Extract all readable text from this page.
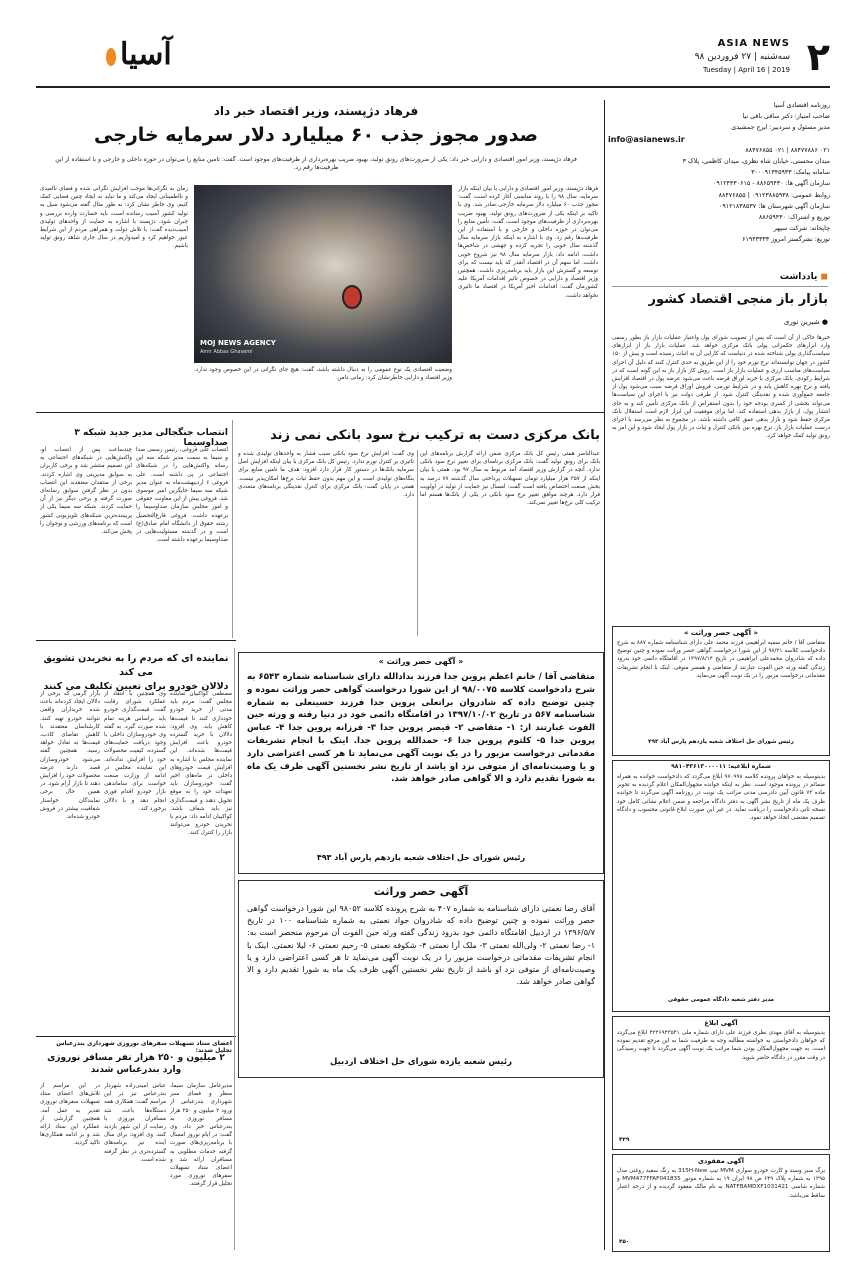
۲
ASIA NEWS
سه‌شنبه | ۲۷ فروردین ۹۸
Tuesday | April 16 | 2019
آسیا
فرهاد دژپسند، وزیر اقتصاد خبر داد
صدور مجوز جذب ۶۰ میلیارد دلار سرمایه خارجی
فرهاد دژپسند، وزیر امور اقتصادی و دارایی خبر داد: یکی از ضرورت‌های رونق تولید، بهبود ضریب بهره‌برداری از ظرفیت‌های موجود است. گفت: تأمین منابع را می‌توان در حوزه داخلی و خارجی و با استفاده از این ظرفیت‌ها رقم زد.
فرهاد دژپسند، وزیر امور اقتصادی و دارایی با بیان اینکه بازار سرمایه، سال ۹۸ را با روند مناسبی آغاز کرده است، گفت: مجوز جذب ۶۰ میلیارد دلار سرمایه خارجی صادر شد. وی با تاکید بر اینکه یکی از ضرورت‌های رونق تولید، بهبود ضریب بهره‌برداری از ظرفیت‌های موجود است، گفت: تأمین منابع را می‌توان در حوزه داخلی و خارجی و با استفاده از این ظرفیت‌ها رقم زد. وی با اشاره به اینکه بازار سرمایه سال گذشته سال خوبی را تجربه کرده و جهشی در شاخص‌ها داشت، ادامه داد: بازار سرمایه سال ۹۸ نیز شروع خوبی داشت. اما سهم آن در اقتصاد آنقدر که باید نیست که برای توسعه و گسترش این بازار باید برنامه‌ریزی داشت. همچنین وزیر اقتصاد و دارایی در خصوص تاثیر اقدامات آمریکا علیه کشورمان گفت: اقدامات اخیر آمریکا در اقتصاد ما تاثیری نخواهد داشت.
MOJ NEWS AGENCY
Amir Abbas Ghasemi
وضعیت اقتصادی یک نوع عمومی را به دنبال داشته باشد، گفت: هیچ جای نگرانی در این خصوص وجود ندارد. وزیر اقتصاد و دارایی خاطرنشان کرد: زمانی دامن
زمان به نگرانی‌ها موجب افزایش نگرانی شده و فضای ناامیدی و نااطمینانی ایجاد می‌کند و ما نباید به ایجاد چنین فضایی کمک کنیم. وی خاطر نشان کرد: به طور مثال گفته می‌شود سیل به تولید کشور آسیب رسانده است، باید خسارت وارده بررسی و جبران شود. دژپسند با اشاره به حمایت از واحدهای تولیدی آسیب‌دیده گفت: با تلاش دولت و همراهی مردم از این شرایط عبور خواهیم کرد و امیدواریم در سال جاری شاهد رونق تولید باشیم.
روزنامه اقتصادی آسیا
صاحب امتیاز: دکتر ساقی باقی نیا
مدیر مسئول و سردبیر: ایرج جمشیدی
info@asianews.ir
۰۲۱ ۸۸۴۷۷۸۸۶ | ۰۲۱ ۸۸۴۷۶۸۵۵
میدان محسنی، خیابان شاه نظری، میدان کاظمی، پلاک ۳
سامانه پیامک: ۳۰۰۰۹۱۳۴۵۹۳۳
سازمان آگهی ها: ۸۸۶۵۹۴۳۰ - ۰۹۱۲۴۴۳۰۶۱۵
روابط عمومی: ۰۹۱۲۳۸۸۵۹۳۸ | ۸۸۴۷۶۸۵۵
سازمان آگهی شهرستان ها: ۰۹۱۲۱۸۳۸۵۳۷
توزیع و اشتراک: ۸۸۶۵۹۴۳۰
چاپخانه: شرکت سپهر
توزیع: نشرگستر امروز ۶۱۹۴۳۳۳۳
◼ یادداشت
بازار باز منجی اقتصاد کشور
● شیرین نوری
خبرها حاکی از آن است که پس از تصویب شورای پول واعتبار عملیات بازار باز بطور رسمی وارد ابزارهای حکمرانی پولی بانک مرکزی خواهد شد. عملیات بازار باز از ابزارهای سیاست‌گذاری پولی شناخته شده در دنیاست که کارایی آن به اثبات رسیده است و بیش از ۱۵۰ کشور در جهان توانسته‌اند نرخ تورم خود را از این طریق به حدی کنترل کنند که دلیل آن اجرای سیاست‌های مناسب ارزی و عملیات بازار باز است. روش کار بازار باز به این گونه است که در شرایط رکودی، بانک مرکزی با خرید اوراق قرضه باعث می‌شود عرضه پول در اقتصاد افزایش یافته و نرخ بهره کاهش یابد و در شرایط تورمی، فروش اوراق قرضه سبب می‌شود پول از جامعه جمع‌آوری شده و نقدینگی کنترل شود. از طرفی دولت نیز با اجرای این سیاست‌ها می‌تواند بخشی از کسری بودجه خود را بدون استقراض از بانک مرکزی تأمین کند و به جای انتشار پول، از بازار بدهی استفاده کند. اما برای موفقیت این ابزار لازم است استقلال بانک مرکزی حفظ شود و بازار بدهی عمق کافی داشته باشد. در مجموع به نظر می‌رسد با اجرای درست عملیات بازار باز، نرخ بهره بین بانکی کنترل و ثبات در بازار پول ایجاد شود و این امر به رونق تولید کمک خواهد کرد.
بانک مرکزی دست به ترکیب نرخ سود بانکی نمی زند
عبدالناصر همتی رئیس کل بانک مرکزی ضمن ارائه گزارش برنامه‌های این بانک برای رونق تولید گفت: بانک مرکزی برنامه‌ای برای تغییر نرخ سود بانکی ندارد. آنچه در گزارش وزیر اقتصاد آمد مربوط به سال ۹۷ بود. همتی با بیان اینکه از ۳۵۷ هزار میلیارد تومان تسهیلات پرداختی سال گذشته ۷۷ درصد به بخش صنعت اختصاص یافته است گفت: امسال نیز حمایت از تولید در اولویت قرار دارد. هرچند موافق تغییر نرخ سود بانکی در یکی از بانک‌ها هستم اما ترکیب کلی نرخ‌ها تغییر نمی‌کند.
وی گفت: افزایش نرخ سود بانکی سبب فشار به واحدهای تولیدی شده و تاثیری بر کنترل تورم ندارد. رئیس کل بانک مرکزی با بیان اینکه افزایش اصل سرمایه بانک‌ها در دستور کار قرار دارد افزود: هدف ما تامین منابع برای بنگاه‌های تولیدی است و این مهم بدون حفظ ثبات نرخ‌ها امکان‌پذیر نیست. همتی در پایان گفت: بانک مرکزی برای کنترل نقدینگی برنامه‌های متعددی دارد.
انتصاب جنگجالی مدیر جدید شبکه ۳ صداوسیما
انتصاب علی فروغی، رئیس رسمی صدا و سیما به سمت مدیر شبکه سه این رسانه واکنش‌هایی را در شبکه‌های اجتماعی در پی داشته است. علی فروغی ۶ اردیبهشت‌ماه به عنوان مدیر شبکه سه سیما جایگزین امیر موسوی شد. فروغی پیش از این معاونت حقوقی و امور مجلس سازمان صداوسیما را برعهده داشت. فروغی فارغ‌التحصیل رشته حقوق از دانشگاه امام صادق(ع) است و در گذشته مسئولیت‌هایی در صداوسیما برعهده داشته است.
چندساعت پس از انتصاب او، واکنش‌هایی در شبکه‌های اجتماعی به این تصمیم منتشر شد و برخی کاربران به سوابق مدیریتی وی اشاره کردند. برخی از منتقدان معتقدند این انتصاب بدون در نظر گرفتن سوابق رسانه‌ای صورت گرفته و برخی دیگر نیز از آن حمایت کردند. شبکه سه سیما یکی از پربیننده‌ترین شبکه‌های تلویزیونی کشور است که برنامه‌های ورزشی و نوجوان را پخش می‌کند.
« آگهی حصر وراثت »
متقاضی آقا / خانم اعظم پروین جدا فرزند بدادالله دارای شناسنامه شماره ۶۵۴۳ به شرح دادخواست کلاسه ۹۸/۰۰۷۵ از این شورا درخواست گواهی حصر وراثت نموده و چنین توضیح داده که شادروان براتعلی پروین جدا فرزند حسینعلی به شماره شناسنامه ۵۶۷ در تاریخ ۱۳۹۷/۱۰/۰۲ در اقامتگاه دائمی خود در دنیا رفته و ورثه حین الفوت عبارتند از: ۱- متقاضی ۲- قیصر پروین جدا ۳- فرزانه پروین جدا ۴- عباس پروین جدا ۵- کلثوم پروین جدا ۶- حمدالله پروین جدا. اینک با انجام تشریفات مقدماتی درخواست مزبور را در یک نوبت آگهی می‌نماید تا هر کسی اعتراضی دارد و یا وصیت‌نامه‌ای از متوفی نزد او باشد از تاریخ نشر نخستین آگهی ظرف یک ماه به شورا تقدیم دارد و الا گواهی صادر خواهد شد.
رئیس شورای حل اختلاف شعبه یازدهم پارس آباد ۴۹۳
آگهی حصر وراثت
آقای رضا نعمتی دارای شناسنامه به شماره ۴۰۷ به شرح پرونده کلاسه ۹۸۰۵۲ این شورا درخواست گواهی حصر وراثت نموده و چنین توضیح داده که شادروان جواد نعمتی به شماره شناسنامه ۱۰۰ در تاریخ ۱۳۹۶/۵/۷ در اردبیل اقامتگاه دائمی خود بدرود زندگی گفته ورثه حین الفوت آن مرحوم منحصر است به: ۱- رضا نعمتی ۲- ولی‌الله نعمتی ۳- ملک آرا نعمتی ۴- شکوفه نعمتی ۵- رحیم نعمتی ۶- لیلا نعمتی. اینک با انجام تشریفات مقدماتی درخواست مزبور را در یک نوبت آگهی می‌نماید تا هر کسی اعتراضی دارد و یا وصیت‌نامه‌ای از متوفی نزد او باشد از تاریخ نشر نخستین آگهی ظرف یک ماه به شورا تقدیم دارد و الا گواهی صادر خواهد شد.
رئیس شعبه یازده شورای حل اختلاف اردبیل
نماینده ای که مردم را به نخریدن تشویق می کند
دلالان خودرو برای تعیین تکلیف می کنند
مصطفی کواکبیان نماینده مجلس گفت: مردم باید مدتی از خرید خودرو خودداری کنند تا قیمت‌ها کاهش یابد. وی افزود: دلالان با خرید گسترده خودرو باعث افزایش قیمت‌ها شده‌اند. این نماینده مجلس با اشاره به افزایش قیمت خودروهای داخلی در ماه‌های اخیر گفت: خودروسازان باید تعهدات خود را به موقع تحویل دهند و قیمت‌گذاری نیز باید شفاف باشد. کواکبیان ادامه داد: مردم با نخریدن خودرو می‌توانند بازار را کنترل کنند.
وی همچنین با انتقاد از عملکرد شورای رقابت گفت: قیمت‌گذاری خودرو باید براساس هزینه تمام شده صورت گیرد. به گفته وی خودروسازان داخلی با وجود دریافت حمایت‌های گسترده، کیفیت محصولات خود را افزایش نداده‌اند. این نماینده مجلس در ادامه از وزارت صنعت خواست برای ساماندهی بازار خودرو اقدام فوری انجام دهد و با دلالان برخورد کند.
بازار گرمی که برخی از دلالان ایجاد کرده‌اند باعث شده خریداران واقعی نتوانند خودرو تهیه کنند. کارشناسان معتقدند با کاهش تقاضای کاذب، قیمت‌ها به تعادل خواهد رسید. همچنین گفته می‌شود خودروسازان قصد دارند عرضه محصولات خود را افزایش دهند تا بازار آرام شود. در همین حال برخی نمایندگان خواستار شفافیت بیشتر در فروش خودرو شده‌اند.
اعضای ستاد تسهیلات سفرهای نوروزی شهرداری بندرعباس تجلیل شدند:
۲ میلیون و ۲۵۰ هزار نفر مسافر نوروزی وارد بندرعباس شدند
مدیرعامل سازمان سیما، منظر و فضای سبز شهرداری بندرعباس از ورود ۲ میلیون و ۲۵۰ هزار مسافر نوروزی به بندرعباس خبر داد. وی گفت: در ایام نوروز امسال با برنامه‌ریزی‌های صورت گرفته خدمات مطلوبی به مسافران ارائه شد و اعضای ستاد تسهیلات سفرهای نوروزی مورد تجلیل قرار گرفتند.
عباس امینی‌زاده شهردار بندرعباس نیز در این مراسم گفت: همکاری همه دستگاه‌ها باعث شد مسافران نوروزی با رضایت از این شهر بازدید کنند. وی افزود: برای سال آینده نیز برنامه‌های گسترده‌تری در نظر گرفته شده است.
در این مراسم از تلاش‌های اعضای ستاد تسهیلات سفرهای نوروزی تقدیر به عمل آمد. همچنین گزارشی از عملکرد این ستاد ارائه شد و بر ادامه همکاری‌ها تاکید گردید.
« آگهی حصر وراثت »
متقاضی آقا / خانم سمیه ابراهیمی فرزند محمد علی دارای شناسنامه شماره ۸۸۷ به شرح دادخواست کلاسه ۹۸/۲۱ از این شورا درخواست گواهی حصر وراثت نموده و چنین توضیح داده که شادروان محمدعلی ابراهیمی در تاریخ ۱۳۹۷/۸/۱۴ در اقامتگاه دائمی خود بدرود زندگی گفته ورثه حین الفوت عبارتند از متقاضی و همسر متوفی. اینک با انجام تشریفات مقدماتی درخواست مزبور را در یک نوبت آگهی می‌نماید.
رئیس شورای حل اختلاف شعبه یازدهم پارس آباد ۴۹۳
شماره ابلاغیه: ۹۸۱۰۴۳۶۱۳۰۰۰۰۱۱
بدینوسیله به خواهان پرونده کلاسه ۹۷۰۹۹۸ ابلاغ می‌گردد که دادخواست خوانده به همراه ضمائم در پرونده موجود است. نظر به اینکه خوانده مجهول‌المکان اعلام گردیده به تجویز ماده ۷۳ قانون آیین دادرسی مدنی مراتب یک نوبت در روزنامه آگهی می‌گردد تا خوانده ظرف یک ماه از تاریخ نشر آگهی به دفتر دادگاه مراجعه و ضمن اعلام نشانی کامل خود نسخه ثانی دادخواست را دریافت نماید. در غیر این صورت ابلاغ قانونی محسوب و دادگاه تصمیم مقتضی اتخاذ خواهد نمود.
مدیر دفتر شعبه دادگاه عمومی حقوقی
آگهی ابلاغ
بدینوسیله به آقای مهدی نظری فرزند علی دارای شماره ملی ۴۲۲۶۹۴۳۵۴۱ ابلاغ می‌گردد که خواهان دادخواستی به خواسته مطالبه وجه به طرفیت شما به این مرجع تقدیم نموده است. به جهت مجهول‌المکان بودن شما مراتب یک نوبت آگهی می‌گردد تا جهت رسیدگی در وقت مقرر در دادگاه حاضر شوید.
۴۴۹
آگهی مفقودی
برگ سبز وسند و کارت خودرو سواری MVM تیپ 315H-New به رنگ سفید روغنی مدل ۱۳۹۵ به شماره پلاک ۶۴۹ ص ۹۸ ایران ۱۹ به شماره موتور MVM477FFAF041835 و شماره شاسی NATFBAMDXF1031421 به نام مالک مفقود گردیده و از درجه اعتبار ساقط می‌باشد.
۴۵۰
